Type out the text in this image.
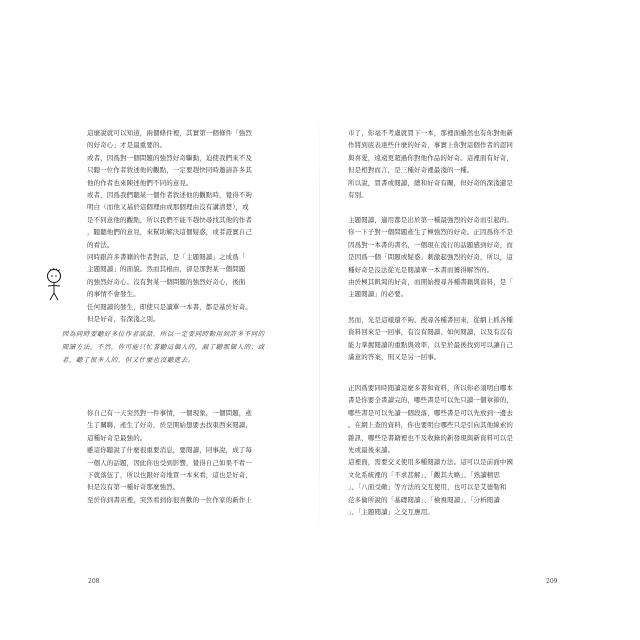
這麼說就可以知道，兩個條件裡，其實第一個條件「強烈

的好奇心」才是最重要的。

或者，因爲對一個問題的強烈好奇驅動，迫使我們來不及

只聽一位作者敘述他的觀點，一定要趕快同時邀請許多其

他的作者也來陳述他們不同的意見。

或者，因爲我們聽某一個作者敘述他的觀點時，覺得不夠

明白（而他又基於這個理由或那個理由沒有講清楚），或

是不同意他的觀點，所以我們不能不趕快尋找其他的作者

，聽聽他們的意見，來幫助解決這個疑惑，或者證實自己

的看法。

同時跟許多書籍的作者對話，是「主題閱讀」之成爲「

主題閱讀」的面貌。然而其根由，卻是那對某一個問題

的強烈好奇心。沒有對某一個問題的強烈好奇心，後面

的事情不會發生。

任何閱讀的發生，即使只是讀單一本書，都是基於好奇。

但是好奇，有深淺之別。

因為同時要聽好多位作者談話，所以一定要同時動用到許多不同的

閱讀方法。不然，你可能只忙著聽這個人的，漏了聽那個人的；或

者，聽了很多人的，但又什麼也沒聽進去。

你自己有一天突然對一件事情，一個現象，一個問題，產

生了關聯，產生了好奇，於是開始想要去找東西來閱讀，

這種好奇是最強的。

雖這你聽說了什麼很重要消息，要閱讀，同事說，成了每

一個人的話題，因此你也受到影響，覺得自己如果不看一

下就落伍了，所以也跟好奇地買一本來看，這也是好奇，

但是沒有第一種好奇那麼強烈。

至於你到書店裡，突然看到你很喜歡的一位作家的新作上

208

市了，你毫不考慮就買下一本，那裡面雖然也有你對他新

作將到底表達些什麼的好奇，事實上你對這個作者的認同

與喜愛，遠遠更超過你對他作品的好奇。這裡面有好奇，

但是相對而言，是三種好奇裡最淺的一種。

所以說，買書或閱讀，總和好奇有關，但好奇的深淺還是

有別。

主題閱讀，適用都是出於第一種最強烈的好奇而引起的。

你一下子對一個問題產生了極強烈的好奇。正因爲你不是

因爲對一本書的書名，一個現在流行的話題感到好奇，而

是因爲一個「問題或疑惑」刺激起強烈的好奇，所以，這

種好奇是沒法從光是閱讀單一本書而獲得解答的。

由於極其飢渴的好奇，而開始搜尋各種書籍與資料，是「

主題閱讀」的必要。

然而，光是這樣還不夠。搜尋各種書回來，從網上抓各種

資料回來是一回事，有沒有閱讀、如何閱讀，以及有沒有

能力掌握閱讀的重點與效率，以至於最後找到可以讓自己

滿意的答案，則又是另一回事。

正因爲要同時閱讀這麼多書和資料，所以你必須明白哪本

書是你要全書讀完的，哪些書是可以先只讀一個章節的，

哪些書是可以先讀一個段落，哪些書是可以先放到一邊去

。在網上查的資料，你也要明白哪些只是引向其他線索的

雜訊，哪些是書籍裡也不及收錄的新發現與新資料可以是

先或最後來讀。

這裡面，需要交叉使用多種閱讀方法。這可以是前面中國

文化系統裡的「不求甚解」、「觀其大略」、「熟讀精思

」、「八面受敵」等方法的交互使用，也可以是艾德勒和

范多倫所說的「基礎閱讀」、「檢視閱讀」、「分析閱讀

」、「主題閱讀」之交互應用。

209
